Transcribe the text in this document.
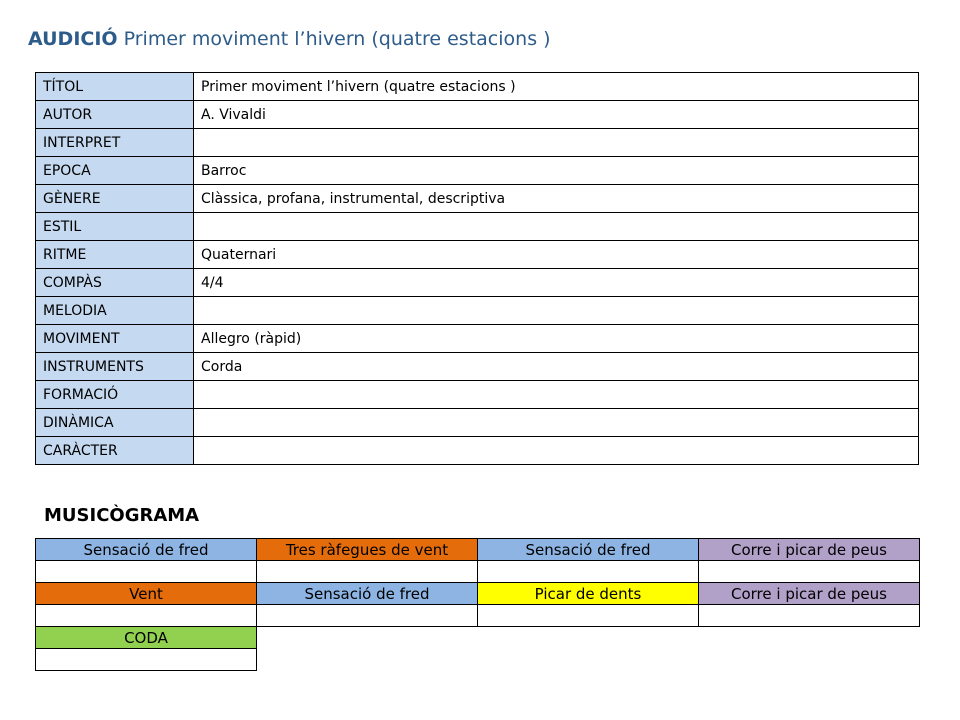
AUDICIÓ Primer moviment l’hivern (quatre estacions )
TÍTOL	Primer moviment l’hivern (quatre estacions )
AUTOR	A. Vivaldi
INTERPRET	
EPOCA	Barroc
GÈNERE	Clàssica, profana, instrumental, descriptiva
ESTIL	
RITME	Quaternari
COMPÀS	4/4
MELODIA	
MOVIMENT	Allegro (ràpid)
INSTRUMENTS	Corda
FORMACIÓ	
DINÀMICA	
CARÀCTER	
MUSICÒGRAMA
Sensació de fred	Tres ràfegues de vent	Sensació de fred	Corre i picar de peus

Vent	Sensació de fred	Picar de dents	Corre i picar de peus

CODA			
